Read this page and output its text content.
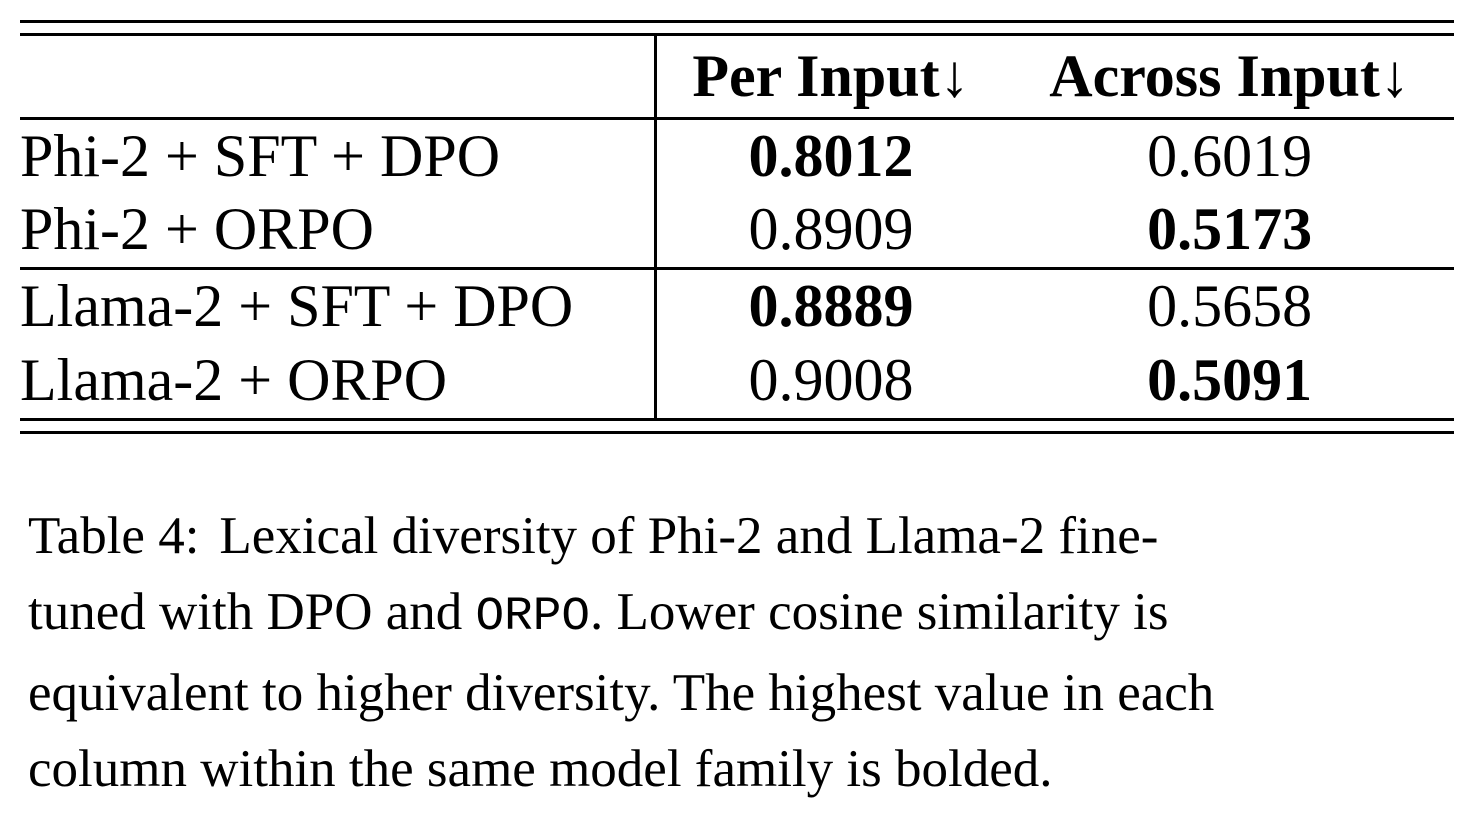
	Per Input↓	Across Input↓
Phi-2 + SFT + DPO	0.8012	0.6019
Phi-2 + ORPO	0.8909	0.5173
Llama-2 + SFT + DPO	0.8889	0.5658
Llama-2 + ORPO	0.9008	0.5091
Table 4: Lexical diversity of Phi-2 and Llama-2 fine-
tuned with DPO and ORPO. Lower cosine similarity is
equivalent to higher diversity. The highest value in each
column within the same model family is bolded.
